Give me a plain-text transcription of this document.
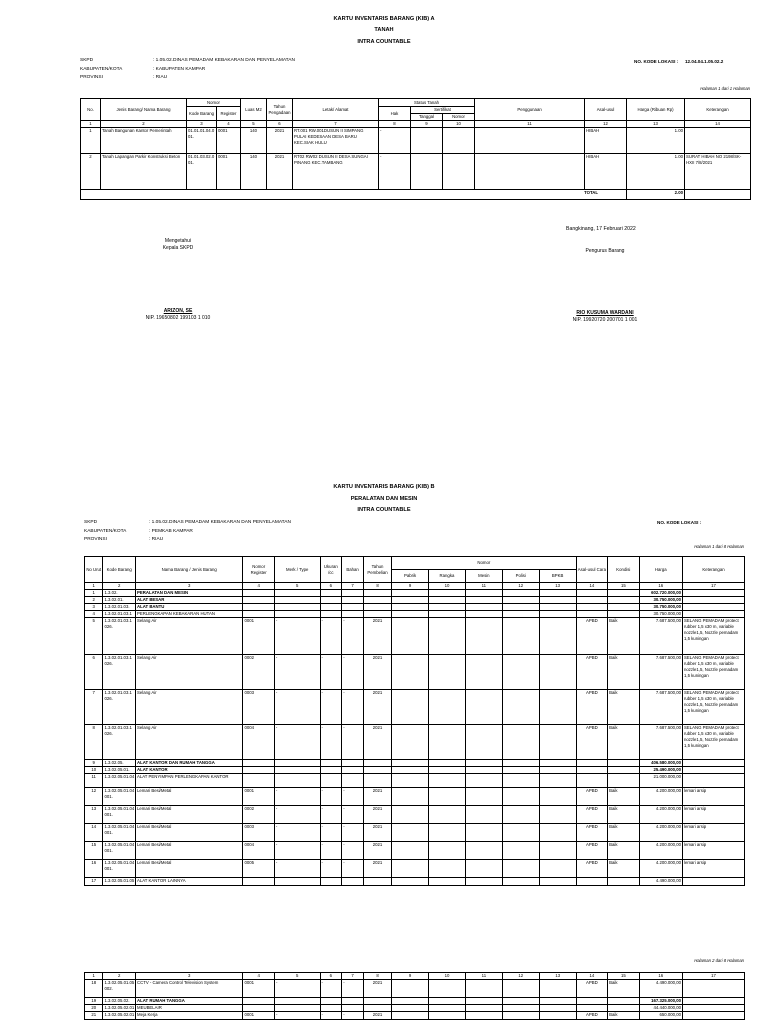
KARTU INVENTARIS BARANG (KIB) A
TANAH
INTRA COUNTABLE
SKPD	: 1.05.02.DINAS PEMADAM KEBAKARAN DAN PENYELAMATAN
KABUPATEN/KOTA	: KABUPATEN KAMPAR
PROVINSI	: RIAU
NO. KODE LOKASI : 12.04.04.1.05.02.2
Halaman 1 dari 1 Halaman
No.	Jenis Barang/ Nama Barang	Nomor		Luas M2	Tahun Pengadaan	Letak/ Alamat	Status Tanah			Penggunaan	Asal-usul	Harga (Ribuan Rp)	Keterangan
		Kode Barang	Register				Hak	Sertifikat					
								Tanggal	Nomor				
1	2	3	4	5	6	7	8	9	10	11	12	13	14
1	Tanah Bangunan Kantor Pemerintah	01.01.01.04.0 01.	0001	140	2021	RT.001 RW.001DUSUN II SIMPANG PULAI KEDESAAN DESA BARU KEC.SIAK HULU	-				HIBAH	1.00	
2	Tanah Lapangan Parkir Konstruksi Beton	01.01.03.02.0 01.	0001	140	2021	RT02 RW02 DUSUN II DESA SUNGAI PINANG KEC.TAMBANG	-				HIBAH	1.00	SURAT HIBAH NO 2198/SK-HXII 7/8/2021
TOTAL												2.00	
Bangkinang, 17 Februari 2022
Mengetahui
Kepala SKPD	Pengurus Barang
ARIZON, SE
NIP. 19650802 199103 1 010
RIO KUSUMA WARDANI
NIP. 19920720 200701 1 001
KARTU INVENTARIS BARANG (KIB) B
PERALATAN DAN MESIN
INTRA COUNTABLE
SKPD	: 1.05.02.DINAS PEMADAM KEBAKARAN DAN PENYELAMATAN
KABUPATEN/KOTA	: PEMKAB KAMPAR
PROVINSI	: RIAU
NO. KODE LOKASI :
Halaman 1 dari 8 Halaman
No Urut	Kode Barang	Nama Barang / Jenis Barang	Nomor Register	Merk / Type	Ukuran /cc	Bahan	Tahun Pembelian	Nomor					Asal-usul Cara	Kondisi	Harga	Keterangan
								Pabrik	Rangka	Mesin	Polisi	BPKB				
1	2	3	4	5	6	7	8	9	10	11	12	13	14	15	16	17
1	1.3.02.	PERALATAN DAN MESIN													602.720.000,00	
2	1.3.02.01.	ALAT BESAR													30.750.000,00	
3	1.3.02.01.03.	ALAT BANTU													30.750.000,00	
4	1.3.02.01.03.1	PERLENGKAPAN KEBAKARAN HUTAN													30.750.000,00	
5	1.3.02.01.03.1 026.	Selang Air	0001	-	-	-	2021						APBD	Baik	7.687.500,00	SELANG PEMADAM protect rubber 1,5 x30 m, variable nozzle1,5, Nozzle pemadam 1,5 kuningan
6	1.3.02.01.03.1 026.	Selang Air	0002	-	-	-	2021						APBD	Baik	7.687.500,00	SELANG PEMADAM protect rubber 1,5 x30 m, variable nozzle1,5, Nozzle pemadam 1,5 kuningan
7	1.3.02.01.03.1 026.	Selang Air	0003	-	-	-	2021						APBD	Baik	7.687.500,00	SELANG PEMADAM protect rubber 1,5 x30 m, variable nozzle1,5, Nozzle pemadam 1,5 kuningan
8	1.3.02.01.03.1 026.	Selang Air	0004	-	-	-	2021						APBD	Baik	7.687.500,00	SELANG PEMADAM protect rubber 1,5 x30 m, variable nozzle1,5, Nozzle pemadam 1,5 kuningan
9	1.3.02.05.	ALAT KANTOR DAN RUMAH TANGGA													406.580.000,00	
10	1.3.02.05.01.	ALAT KANTOR													25.490.000,00	
11	1.3.02.05.01.04	ALAT PENYIMPAN PERLENGKAPAN KANTOR													21.000.000,00	
12	1.3.02.05.01.04 001.	Lemari Besi/Metal	0001	-	-	-	2021						APBD	Baik	4.200.000,00	lemari arsip
13	1.3.02.05.01.04 001.	Lemari Besi/Metal	0002	-	-	-	2021						APBD	Baik	4.200.000,00	lemari arsip
14	1.3.02.05.01.04 001.	Lemari Besi/Metal	0003	-	-	-	2021						APBD	Baik	4.200.000,00	lemari arsip
15	1.3.02.05.01.04 001.	Lemari Besi/Metal	0004	-	-	-	2021						APBD	Baik	4.200.000,00	lemari arsip
16	1.3.02.05.01.04 001.	Lemari Besi/Metal	0005	-	-	-	2021						APBD	Baik	4.200.000,00	lemari arsip
17	1.3.02.05.01.05	ALAT KANTOR LAINNYA													4.490.000,00	
Halaman 2 dari 8 Halaman
1	2	3	4	5	6	7	8	9	10	11	12	13	14	15	16	17
18	1.3.02.05.01.05 002.	CCTV - Camera Control Television System	0001	-	-	-	2021						APBD	Baik	4.490.000,00	
19	1.3.02.05.02.	ALAT RUMAH TANGGA													167.325.000,00	
20	1.3.02.05.02.01	MEUBELAIR													44.440.000,00	
21	1.3.02.05.02.01	Meja Kerja	0001	-	-	-	2021						APBD	Baik	650.000,00	
